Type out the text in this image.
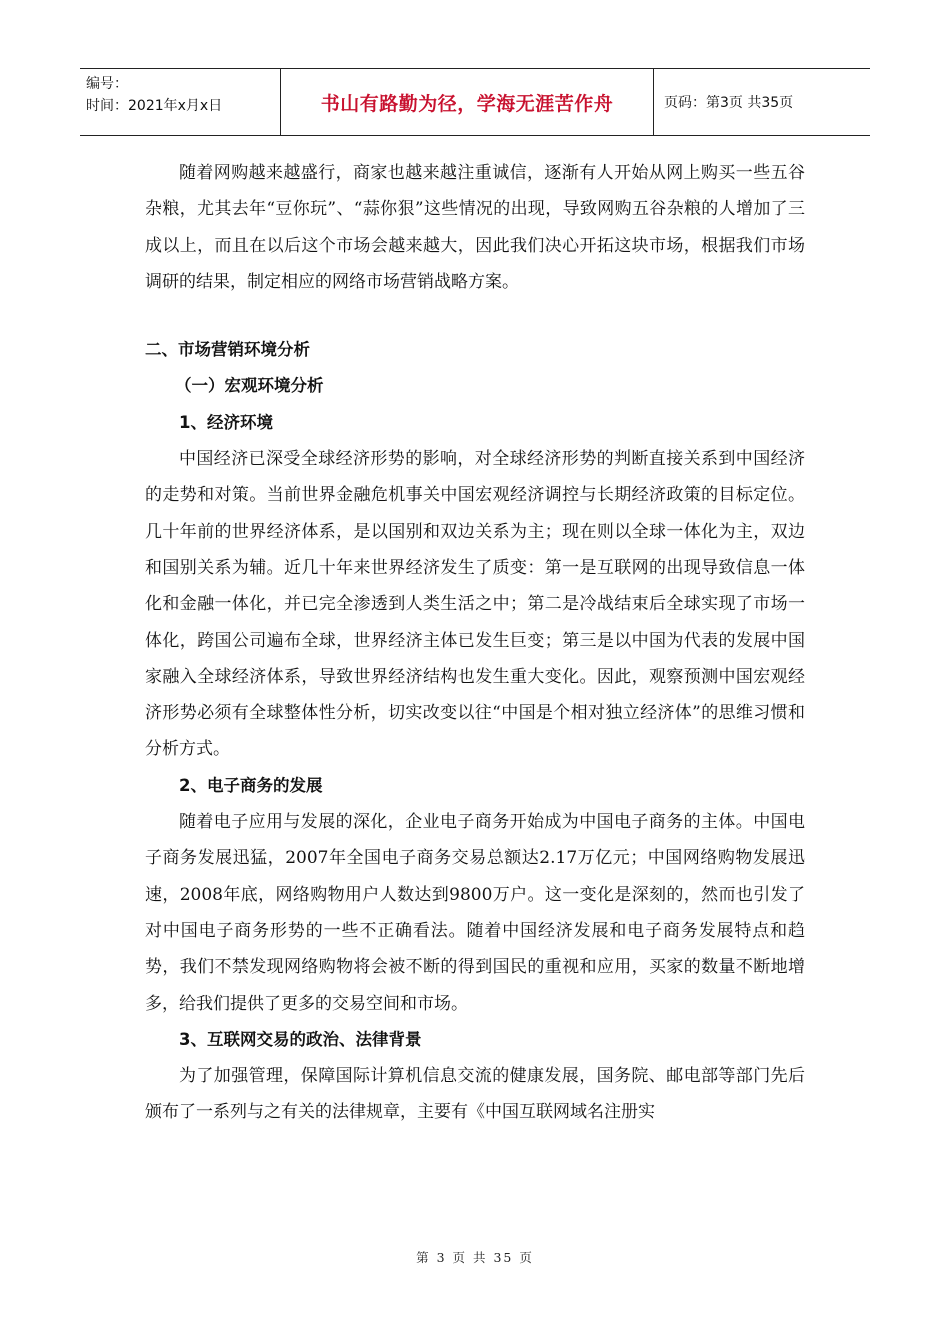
编号：
时间：2021年x月x日	书山有路勤为径，学海无涯苦作舟	页码：第3页 共35页

随着网购越来越盛行，商家也越来越注重诚信，逐渐有人开始从网上购买一些五谷杂粮，尤其去年“豆你玩”、“蒜你狠”这些情况的出现，导致网购五谷杂粮的人增加了三成以上，而且在以后这个市场会越来越大，因此我们决心开拓这块市场，根据我们市场调研的结果，制定相应的网络市场营销战略方案。

二、市场营销环境分析

（一）宏观环境分析

1、经济环境

中国经济已深受全球经济形势的影响，对全球经济形势的判断直接关系到中国经济的走势和对策。当前世界金融危机事关中国宏观经济调控与长期经济政策的目标定位。几十年前的世界经济体系，是以国别和双边关系为主；现在则以全球一体化为主，双边和国别关系为辅。近几十年来世界经济发生了质变：第一是互联网的出现导致信息一体化和金融一体化，并已完全渗透到人类生活之中；第二是冷战结束后全球实现了市场一体化，跨国公司遍布全球，世界经济主体已发生巨变；第三是以中国为代表的发展中国家融入全球经济体系，导致世界经济结构也发生重大变化。因此，观察预测中国宏观经济形势必须有全球整体性分析，切实改变以往“中国是个相对独立经济体”的思维习惯和分析方式。

2、电子商务的发展

随着电子应用与发展的深化，企业电子商务开始成为中国电子商务的主体。中国电子商务发展迅猛，2007年全国电子商务交易总额达2.17万亿元；中国网络购物发展迅速，2008年底，网络购物用户人数达到9800万户。这一变化是深刻的，然而也引发了对中国电子商务形势的一些不正确看法。随着中国经济发展和电子商务发展特点和趋势，我们不禁发现网络购物将会被不断的得到国民的重视和应用，买家的数量不断地增多，给我们提供了更多的交易空间和市场。

3、互联网交易的政治、法律背景

为了加强管理，保障国际计算机信息交流的健康发展，国务院、邮电部等部门先后颁布了一系列与之有关的法律规章，主要有《中国互联网域名注册实

第 3 页 共 35 页
